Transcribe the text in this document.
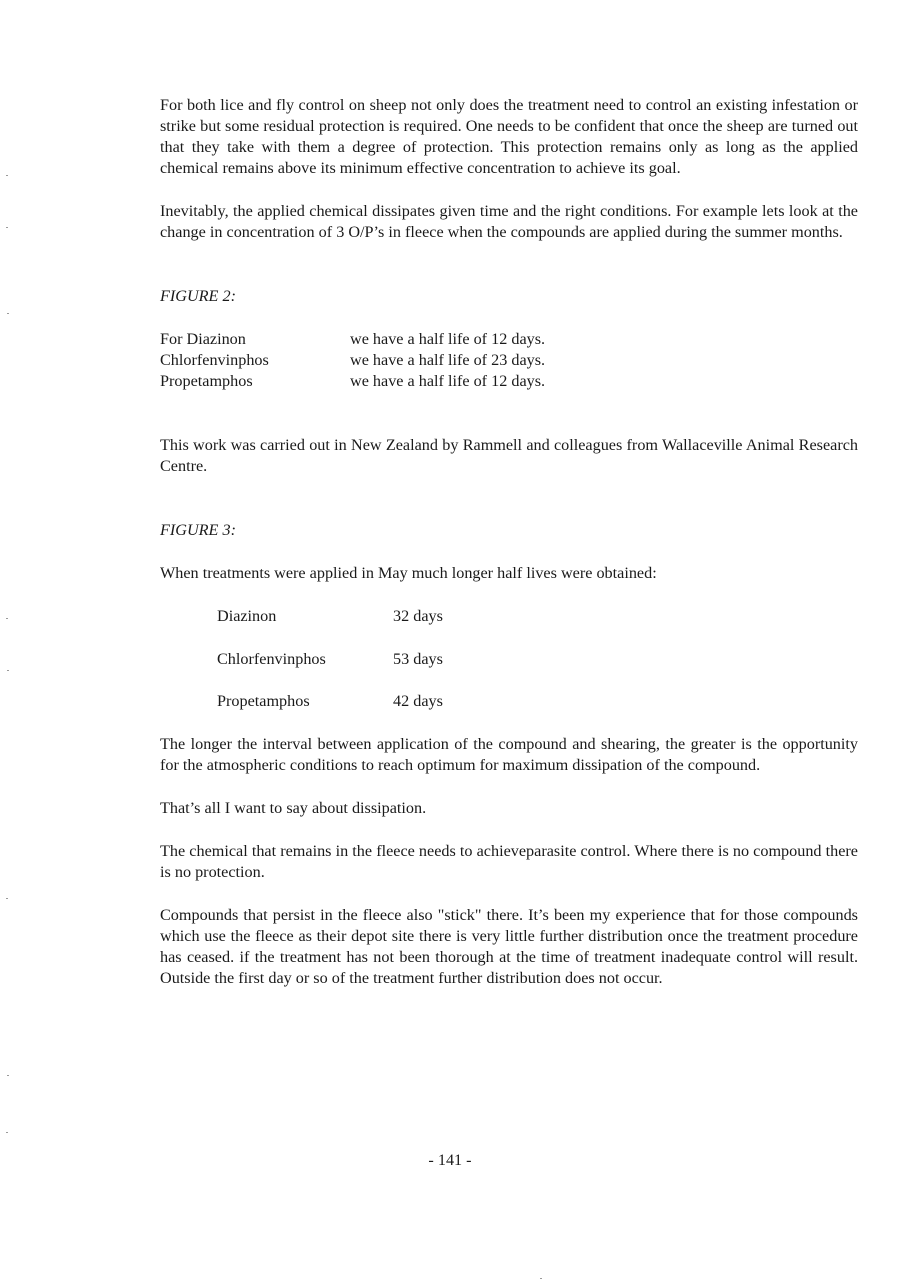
For both lice and fly control on sheep not only does the treatment need to control an existing infestation or strike but some residual protection is required. One needs to be confident that once the sheep are turned out that they take with them a degree of protection. This protection remains only as long as the applied chemical remains above its minimum effective concentration to achieve its goal.

Inevitably, the applied chemical dissipates given time and the right conditions. For example lets look at the change in concentration of 3 O/P’s in fleece when the compounds are applied during the summer months.

FIGURE 2:

For Diazinon	we have a half life of 12 days.
Chlorfenvinphos	we have a half life of 23 days.
Propetamphos	we have a half life of 12 days.

This work was carried out in New Zealand by Rammell and colleagues from Wallaceville Animal Research Centre.

FIGURE 3:

When treatments were applied in May much longer half lives were obtained:

Diazinon	32 days
Chlorfenvinphos	53 days
Propetamphos	42 days

The longer the interval between application of the compound and shearing, the greater is the opportunity for the atmospheric conditions to reach optimum for maximum dissipation of the compound.

That’s all I want to say about dissipation.

The chemical that remains in the fleece needs to achieveparasite control. Where there is no compound there is no protection.

Compounds that persist in the fleece also "stick" there. It’s been my experience that for those compounds which use the fleece as their depot site there is very little further distribution once the treatment procedure has ceased. if the treatment has not been thorough at the time of treatment inadequate control will result. Outside the first day or so of the treatment further distribution does not occur.

- 141 -
